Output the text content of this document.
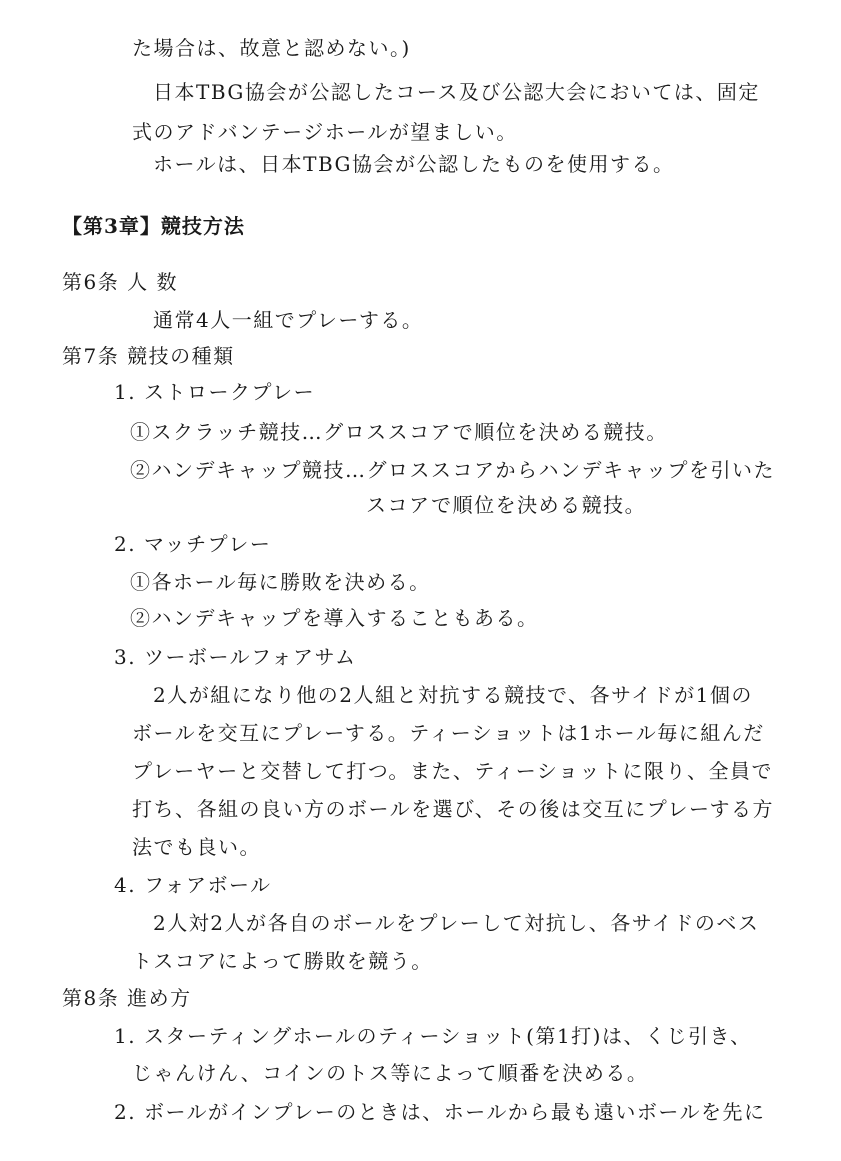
た場合は、故意と認めない。)
日本TBG協会が公認したコース及び公認大会においては、固定
式のアドバンテージホールが望ましい。
ホールは、日本TBG協会が公認したものを使用する。
【第3章】競技方法
第6条 人 数
通常4人一組でプレーする。
第7条 競技の種類
1. ストロークプレー
①スクラッチ競技…グロススコアで順位を決める競技。
②ハンデキャップ競技…グロススコアからハンデキャップを引いた
スコアで順位を決める競技。
2. マッチプレー
①各ホール毎に勝敗を決める。
②ハンデキャップを導入することもある。
3. ツーボールフォアサム
2人が組になり他の2人組と対抗する競技で、各サイドが1個の
ボールを交互にプレーする。ティーショットは1ホール毎に組んだ
プレーヤーと交替して打つ。また、ティーショットに限り、全員で
打ち、各組の良い方のボールを選び、その後は交互にプレーする方
法でも良い。
4. フォアボール
2人対2人が各自のボールをプレーして対抗し、各サイドのベス
トスコアによって勝敗を競う。
第8条 進め方
1. スターティングホールのティーショット(第1打)は、くじ引き、
じゃんけん、コインのトス等によって順番を決める。
2. ボールがインプレーのときは、ホールから最も遠いボールを先に
